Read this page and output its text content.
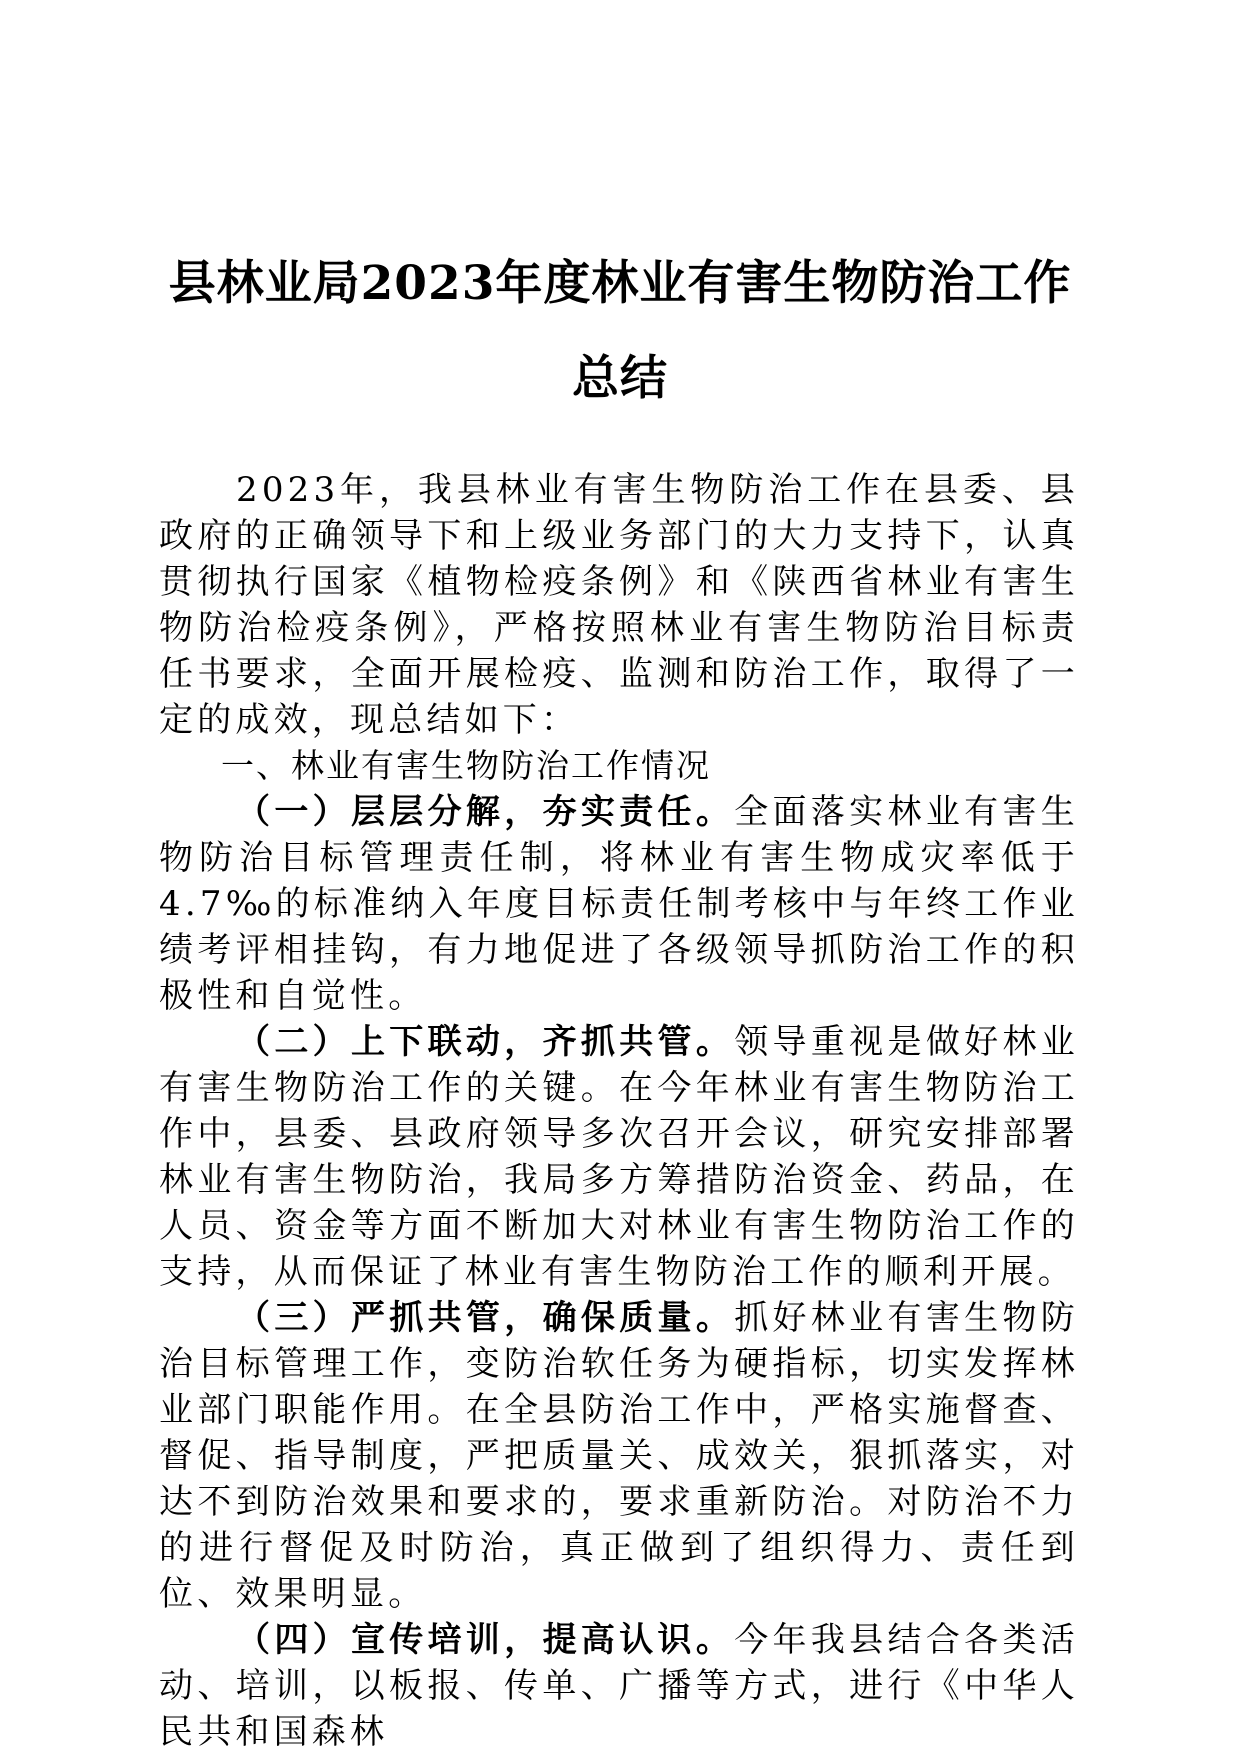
县林业局2023年度林业有害生物防治工作总结

2023年，我县林业有害生物防治工作在县委、县政府的正确领导下和上级业务部门的大力支持下，认真贯彻执行国家《植物检疫条例》和《陕西省林业有害生物防治检疫条例》，严格按照林业有害生物防治目标责任书要求，全面开展检疫、监测和防治工作，取得了一定的成效，现总结如下：

一、林业有害生物防治工作情况

（一）层层分解，夯实责任。全面落实林业有害生物防治目标管理责任制，将林业有害生物成灾率低于4.7‰的标准纳入年度目标责任制考核中与年终工作业绩考评相挂钩，有力地促进了各级领导抓防治工作的积极性和自觉性。

（二）上下联动，齐抓共管。领导重视是做好林业有害生物防治工作的关键。在今年林业有害生物防治工作中，县委、县政府领导多次召开会议，研究安排部署林业有害生物防治，我局多方筹措防治资金、药品，在人员、资金等方面不断加大对林业有害生物防治工作的支持，从而保证了林业有害生物防治工作的顺利开展。

（三）严抓共管，确保质量。抓好林业有害生物防治目标管理工作，变防治软任务为硬指标，切实发挥林业部门职能作用。在全县防治工作中，严格实施督查、督促、指导制度，严把质量关、成效关，狠抓落实，对达不到防治效果和要求的，要求重新防治。对防治不力的进行督促及时防治，真正做到了组织得力、责任到位、效果明显。

（四）宣传培训，提高认识。今年我县结合各类活动、培训，以板报、传单、广播等方式，进行《中华人民共和国森林
